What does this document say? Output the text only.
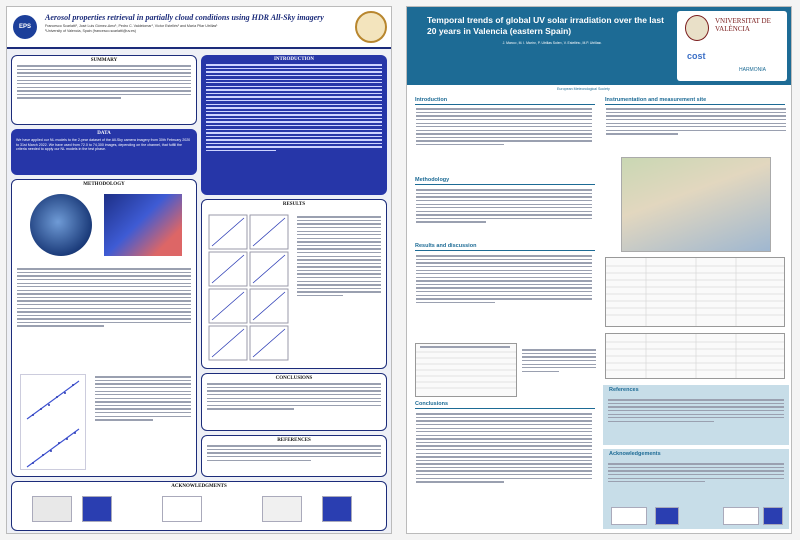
EPS
Aerosol properties retrieval in partially cloud conditions using HDR All-Sky imagery
Francesco Scarlatti¹, José Luis Gómez-Amo¹, Pedro C. Valdelomar¹, Víctor Estellés¹ and María Pilar Utrillas¹
¹University of Valencia, Spain (francesco.scarlatti@uv.es)
SUMMARY
DATA
We have applied our NL models to the 2-year dataset of the All-Sky camera imagery from 30th February 2020 to 31st March 2022. We have used from 72.0 to 74,300 images, depending on the channel, that fulfill the criteria needed to apply our NL models in the test phase.
METHODOLOGY
ACKNOWLEDGMENTS
INTRODUCTION
RESULTS
CONCLUSIONS
REFERENCES
Temporal trends of global UV solar irradiation over the last 20 years in Valencia (eastern Spain)
J. Marco¹, M. I. Marín², P. Utrillas Soler¹, V. Estellés¹, M.P. Utrillas¹
VNIVERSITAT DE VALÈNCIA
cost
HARMONIA
European Meteorological Society
Introduction
Methodology
Results and discussion
Conclusions
Instrumentation and measurement site
References
Acknowledgements
